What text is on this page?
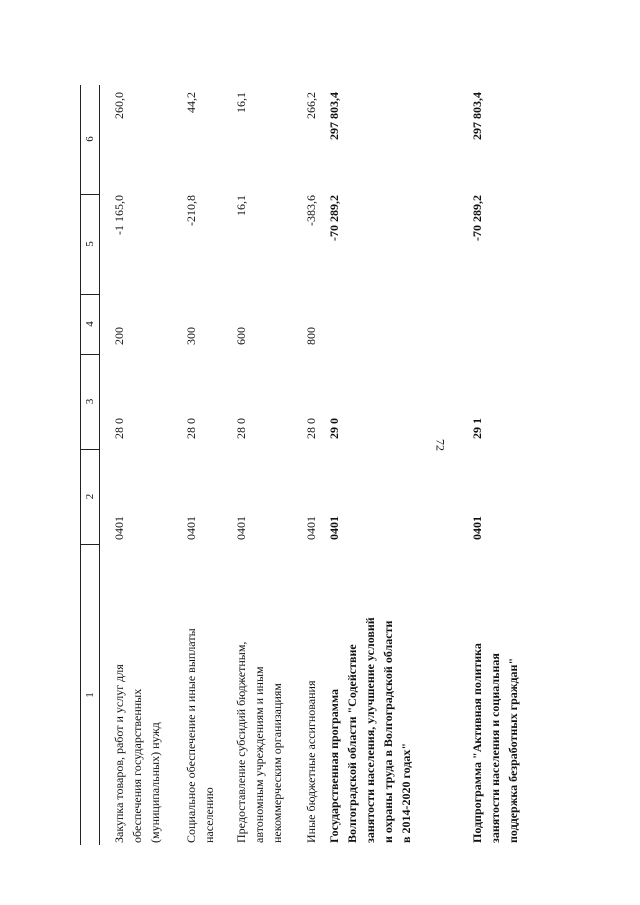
72
1
2
3
4
5
6
Закупка товаров, работ и услуг для обеспечения государственных (муниципальных) нужд
0401
28 0
200
-1 165,0
260,0
Социальное обеспечение и иные выплаты населению
0401
28 0
300
-210,8
44,2
Предоставление субсидий бюджетным, автономным учреждениям и иным некоммерческим организациям
0401
28 0
600
16,1
16,1
Иные бюджетные ассигнования
0401
28 0
800
-383,6
266,2
Государственная программа Волгоградской области "Содействие занятости населения, улучшение условий и охраны труда в Волгоградской области в 2014-2020 годах"
0401
29 0
-70 289,2
297 803,4
Подпрограмма "Активная политика занятости населения и социальная поддержка безработных граждан"
0401
29 1
-70 289,2
297 803,4
